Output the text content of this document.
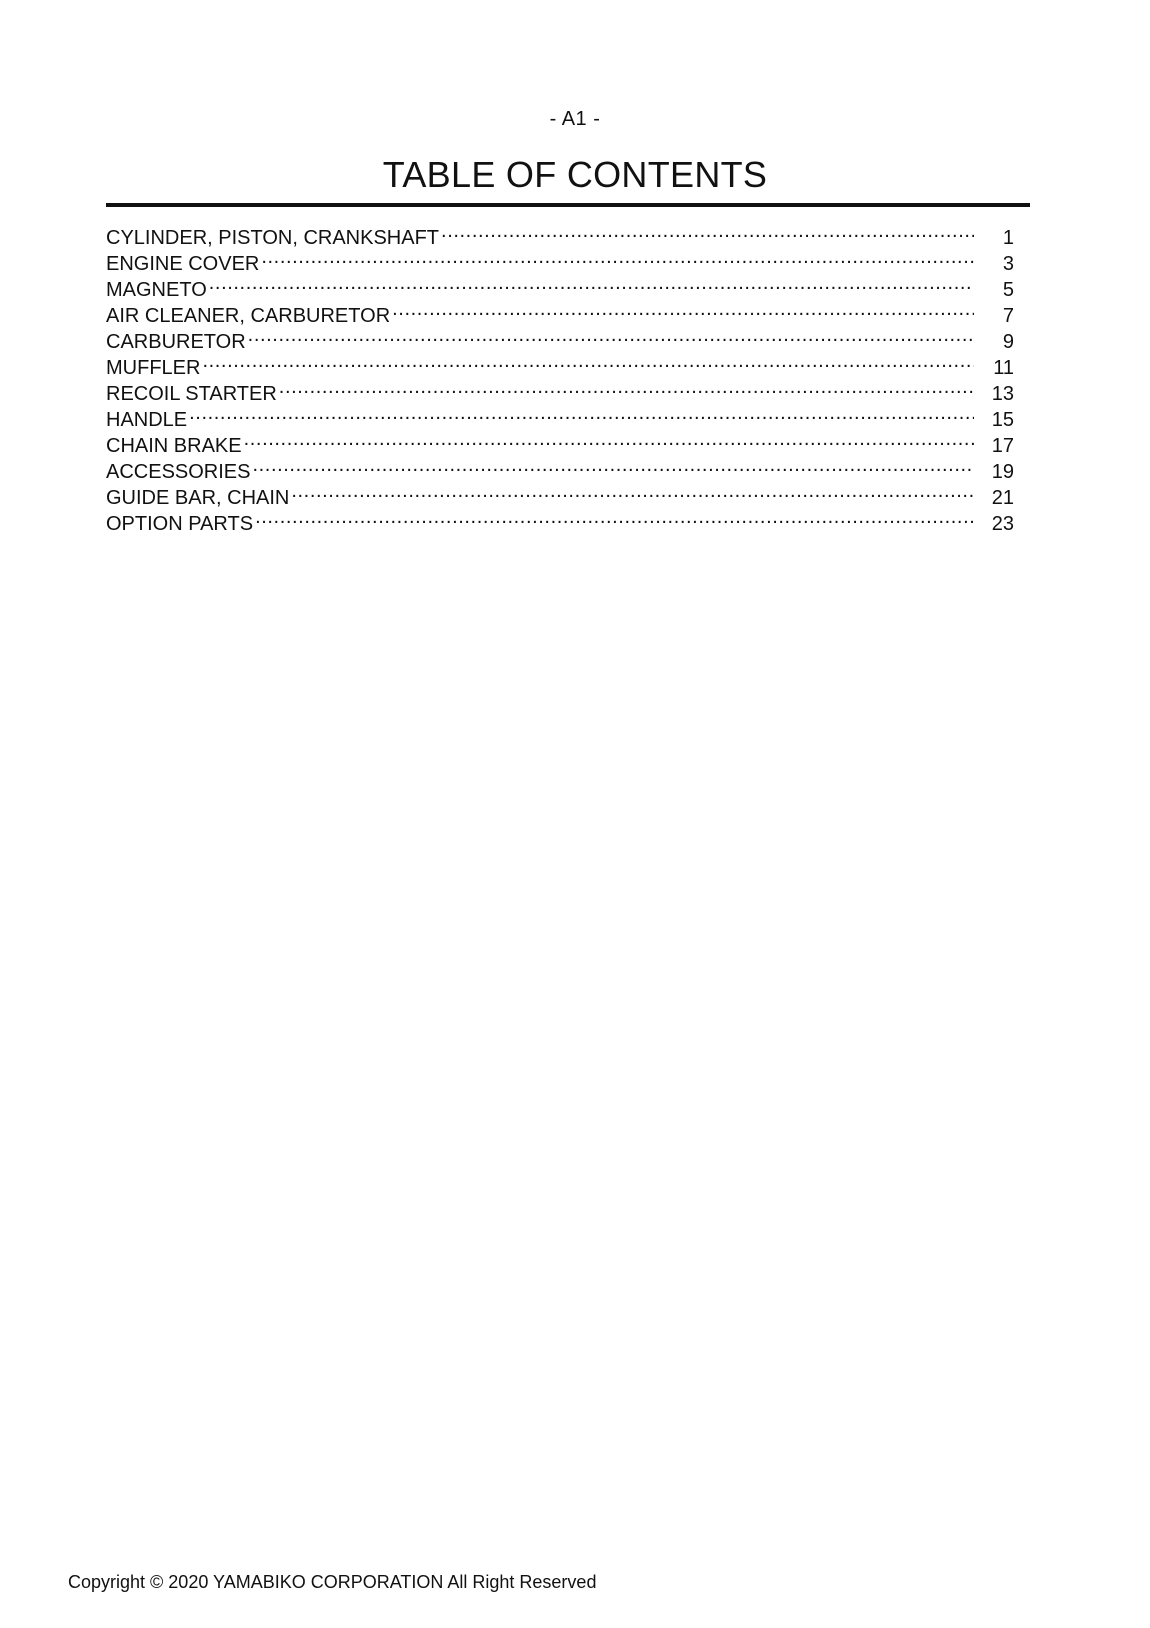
- A1 -
TABLE OF CONTENTS
CYLINDER, PISTON, CRANKSHAFT .....	1
ENGINE COVER .....	3
MAGNETO .....	5
AIR CLEANER, CARBURETOR .....	7
CARBURETOR .....	9
MUFFLER .....	11
RECOIL STARTER .....	13
HANDLE .....	15
CHAIN BRAKE .....	17
ACCESSORIES .....	19
GUIDE BAR, CHAIN .....	21
OPTION PARTS .....	23
Copyright © 2020 YAMABIKO CORPORATION All Right Reserved
